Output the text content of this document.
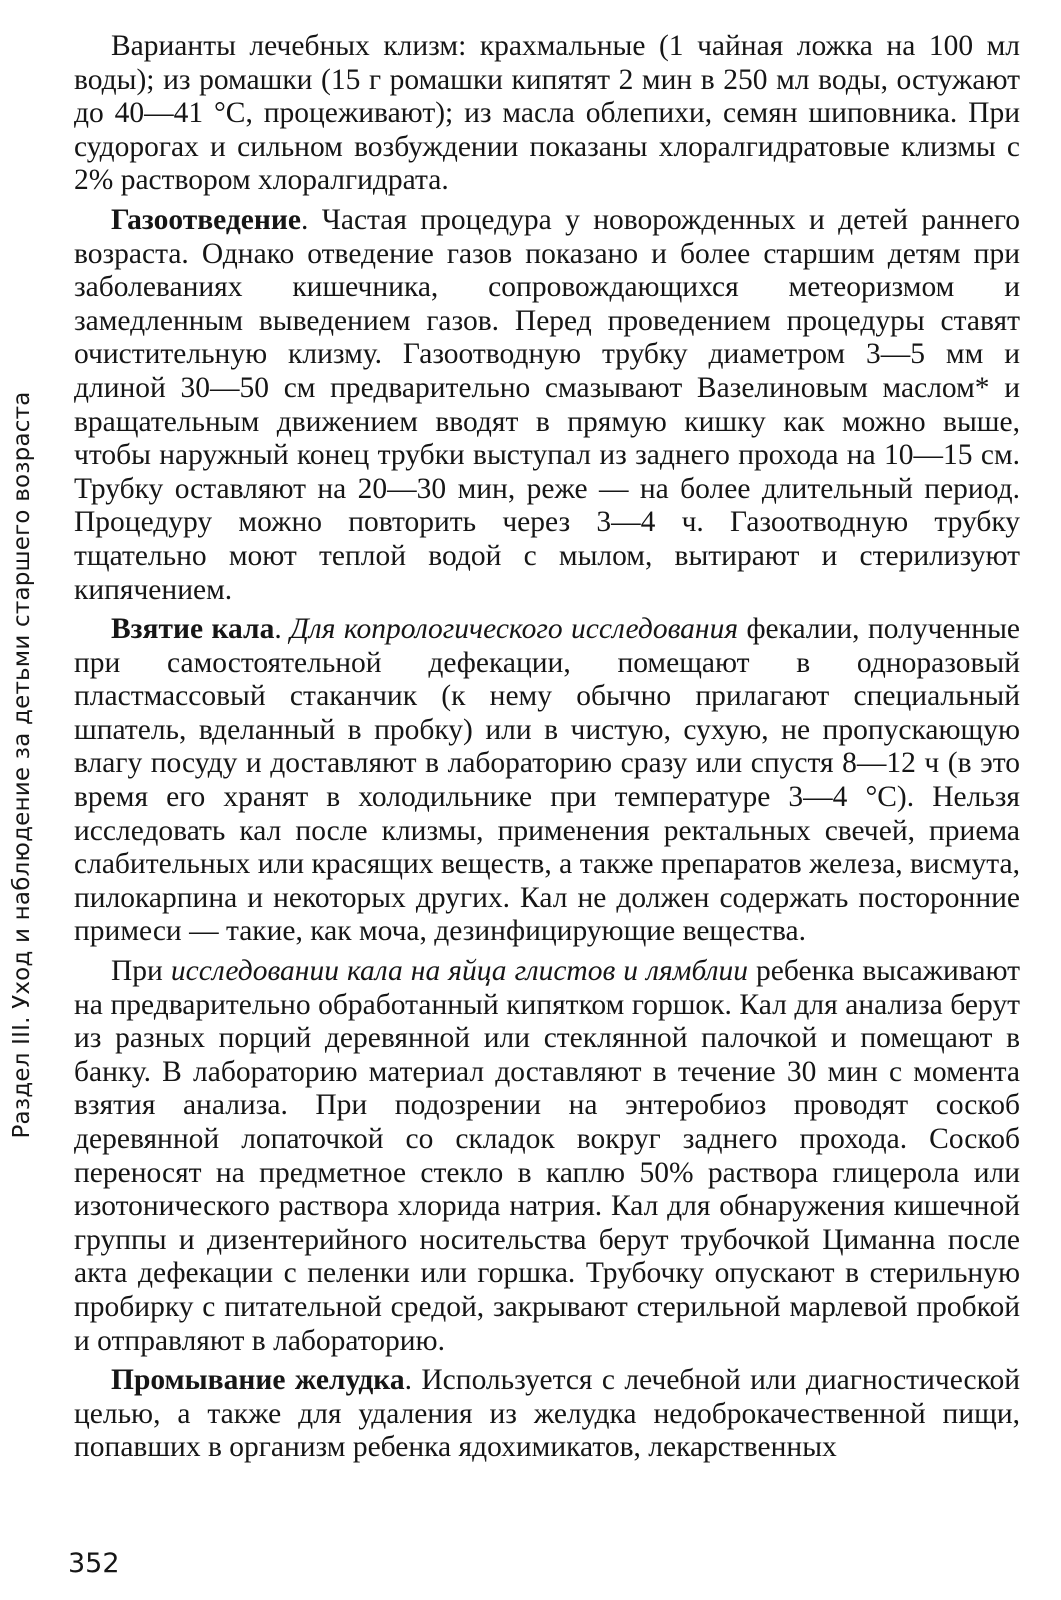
Раздел III. Уход и наблюдение за детьми старшего возраста

Варианты лечебных клизм: крахмальные (1 чайная ложка на 100 мл воды); из ромашки (15 г ромашки кипятят 2 мин в 250 мл воды, остужают до 40—41 °С, процеживают); из масла облепихи, семян шиповника. При судорогах и сильном возбуждении показаны хлоралгидратовые клизмы с 2% раствором хлоралгидрата.

Газоотведение. Частая процедура у новорожденных и детей раннего возраста. Однако отведение газов показано и более старшим детям при заболеваниях кишечника, сопровождающихся метеоризмом и замедленным выведением газов. Перед проведением процедуры ставят очистительную клизму. Газоотводную трубку диаметром 3—5 мм и длиной 30—50 см предварительно смазывают Вазелиновым маслом* и вращательным движением вводят в прямую кишку как можно выше, чтобы наружный конец трубки выступал из заднего прохода на 10—15 см. Трубку оставляют на 20—30 мин, реже — на более длительный период. Процедуру можно повторить через 3—4 ч. Газоотводную трубку тщательно моют теплой водой с мылом, вытирают и стерилизуют кипячением.

Взятие кала. Для копрологического исследования фекалии, полученные при самостоятельной дефекации, помещают в одноразовый пластмассовый стаканчик (к нему обычно прилагают специальный шпатель, вделанный в пробку) или в чистую, сухую, не пропускающую влагу посуду и доставляют в лабораторию сразу или спустя 8—12 ч (в это время его хранят в холодильнике при температуре 3—4 °С). Нельзя исследовать кал после клизмы, применения ректальных свечей, приема слабительных или красящих веществ, а также препаратов железа, висмута, пилокарпина и некоторых других. Кал не должен содержать посторонние примеси — такие, как моча, дезинфицирующие вещества.

При исследовании кала на яйца глистов и лямблии ребенка высаживают на предварительно обработанный кипятком горшок. Кал для анализа берут из разных порций деревянной или стеклянной палочкой и помещают в банку. В лабораторию материал доставляют в течение 30 мин с момента взятия анализа. При подозрении на энтеробиоз проводят соскоб деревянной лопаточкой со складок вокруг заднего прохода. Соскоб переносят на предметное стекло в каплю 50% раствора глицерола или изотонического раствора хлорида натрия. Кал для обнаружения кишечной группы и дизентерийного носительства берут трубочкой Циманна после акта дефекации с пеленки или горшка. Трубочку опускают в стерильную пробирку с питательной средой, закрывают стерильной марлевой пробкой и отправляют в лабораторию.

Промывание желудка. Используется с лечебной или диагностической целью, а также для удаления из желудка недоброкачественной пищи, попавших в организм ребенка ядохимикатов, лекарственных

352
